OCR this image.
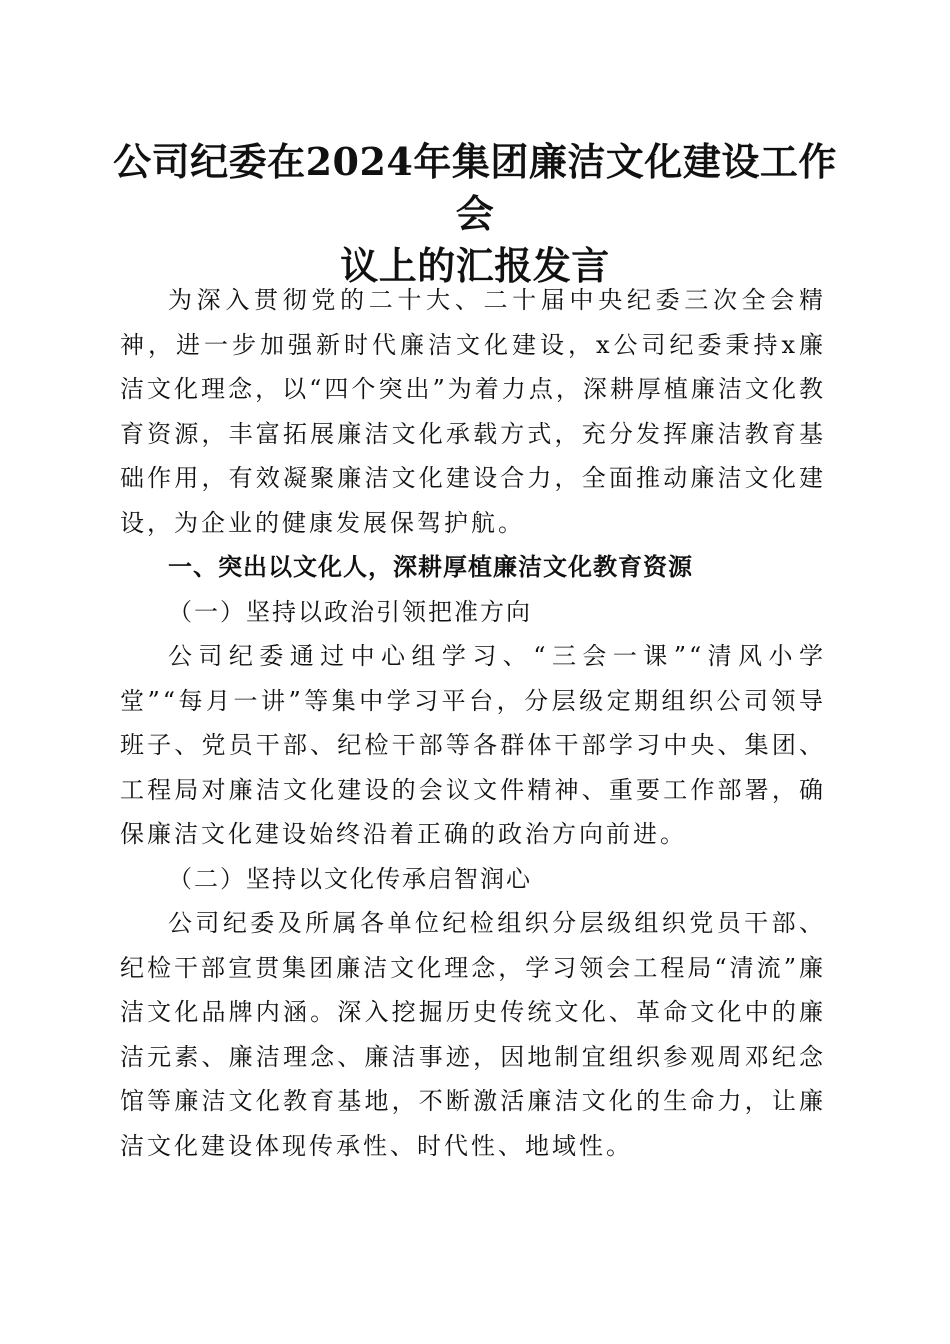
公司纪委在2024年集团廉洁文化建设工作会
议上的汇报发言

为深入贯彻党的二十大、二十届中央纪委三次全会精神，进一步加强新时代廉洁文化建设，x公司纪委秉持x廉洁文化理念，以“四个突出”为着力点，深耕厚植廉洁文化教育资源，丰富拓展廉洁文化承载方式，充分发挥廉洁教育基础作用，有效凝聚廉洁文化建设合力，全面推动廉洁文化建设，为企业的健康发展保驾护航。

一、突出以文化人，深耕厚植廉洁文化教育资源

（一）坚持以政治引领把准方向

公司纪委通过中心组学习、“三会一课”“清风小学堂”“每月一讲”等集中学习平台，分层级定期组织公司领导班子、党员干部、纪检干部等各群体干部学习中央、集团、工程局对廉洁文化建设的会议文件精神、重要工作部署，确保廉洁文化建设始终沿着正确的政治方向前进。

（二）坚持以文化传承启智润心

公司纪委及所属各单位纪检组织分层级组织党员干部、纪检干部宣贯集团廉洁文化理念，学习领会工程局“清流”廉洁文化品牌内涵。深入挖掘历史传统文化、革命文化中的廉洁元素、廉洁理念、廉洁事迹，因地制宜组织参观周邓纪念馆等廉洁文化教育基地，不断激活廉洁文化的生命力，让廉洁文化建设体现传承性、时代性、地域性。
